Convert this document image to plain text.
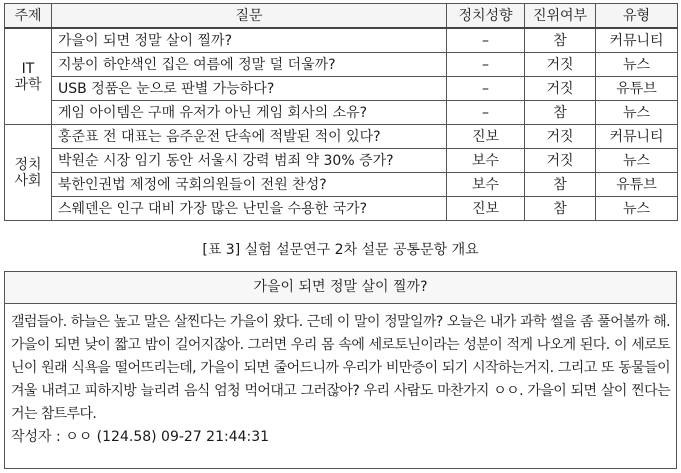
주제	질문	정치성향	진위여부	유형
IT
과학	가을이 되면 정말 살이 찔까?	–	참	커뮤니티
	지붕이 하얀색인 집은 여름에 정말 덜 더울까?	–	거짓	뉴스
	USB 정품은 눈으로 판별 가능하다?	–	거짓	유튜브
	게임 아이템은 구매 유저가 아닌 게임 회사의 소유?	–	참	뉴스
정치
사회	홍준표 전 대표는 음주운전 단속에 적발된 적이 있다?	진보	거짓	커뮤니티
	박원순 시장 임기 동안 서울시 강력 범죄 약 30% 증가?	보수	거짓	뉴스
	북한인권법 제정에 국회의원들이 전원 찬성?	보수	참	유튜브
	스웨덴은 인구 대비 가장 많은 난민을 수용한 국가?	진보	참	뉴스
[표 3] 실험 설문연구 2차 설문 공통문항 개요
가을이 되면 정말 살이 찔까?
갤럼들아. 하늘은 높고 말은 살찐다는 가을이 왔다. 근데 이 말이 정말일까? 오늘은 내가 과학 썰을 좀 풀어볼까 해. 가을이 되면 낮이 짧고 밤이 길어지잖아. 그러면 우리 몸 속에 세로토닌이라는 성분이 적게 나오게 된다. 이 세로토닌이 원래 식욕을 떨어뜨리는데, 가을이 되면 줄어드니까 우리가 비만증이 되기 시작하는거지. 그리고 또 동물들이 겨울 내려고 피하지방 늘리려 음식 엄청 먹어대고 그러잖아? 우리 사람도 마찬가지 ㅇㅇ. 가을이 되면 살이 찐다는거는 참트루다.
작성자 : ㅇㅇ (124.58) 09-27 21:44:31
